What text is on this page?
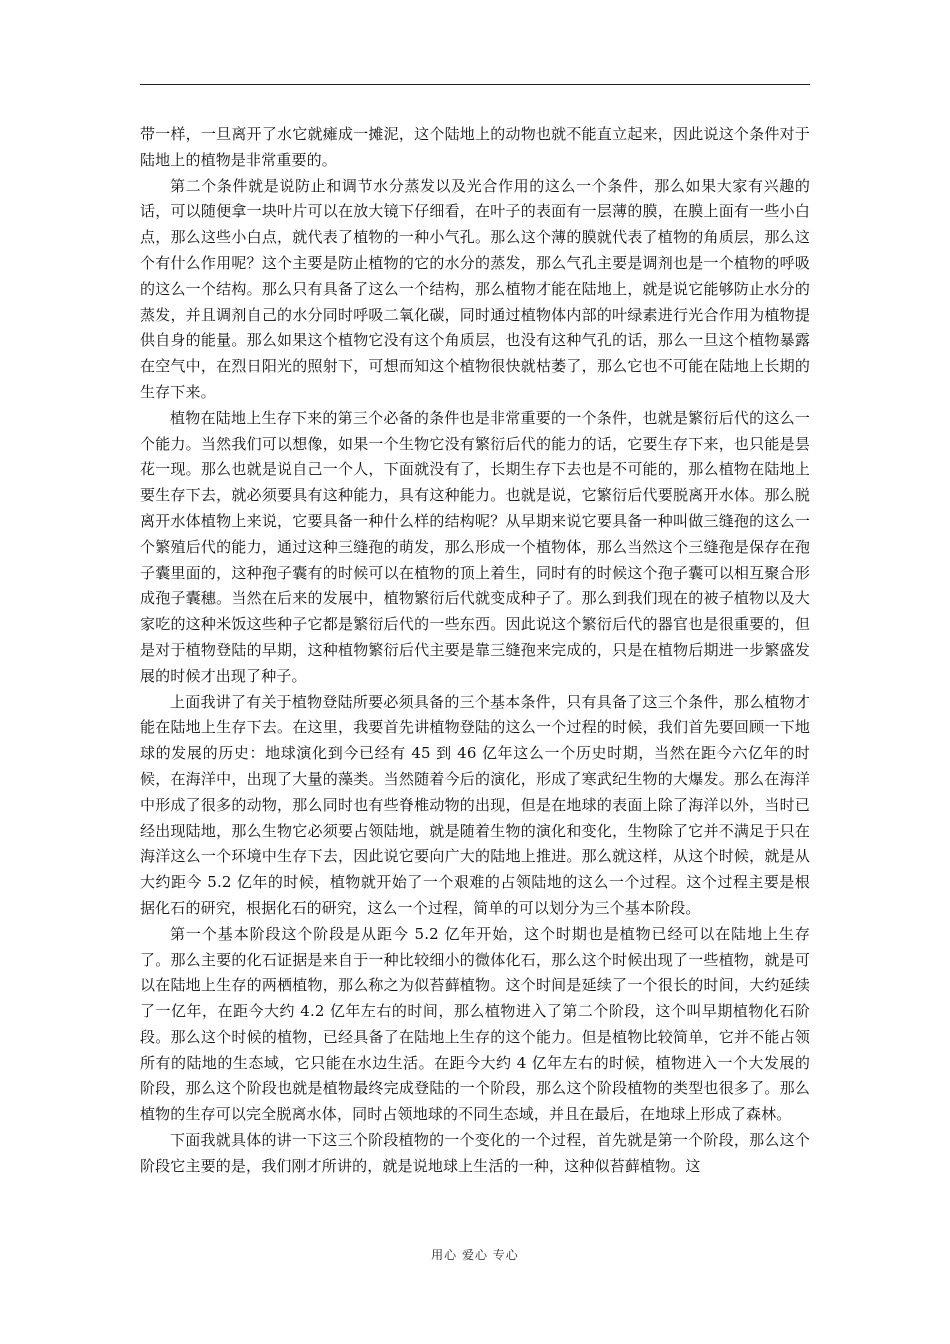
带一样，一旦离开了水它就瘫成一摊泥，这个陆地上的动物也就不能直立起来，因此说这个条件对于陆地上的植物是非常重要的。

第二个条件就是说防止和调节水分蒸发以及光合作用的这么一个条件，那么如果大家有兴趣的话，可以随便拿一块叶片可以在放大镜下仔细看，在叶子的表面有一层薄的膜，在膜上面有一些小白点，那么这些小白点，就代表了植物的一种小气孔。那么这个薄的膜就代表了植物的角质层，那么这个有什么作用呢？这个主要是防止植物的它的水分的蒸发，那么气孔主要是调剂也是一个植物的呼吸的这么一个结构。那么只有具备了这么一个结构，那么植物才能在陆地上，就是说它能够防止水分的蒸发，并且调剂自己的水分同时呼吸二氧化碳，同时通过植物体内部的叶绿素进行光合作用为植物提供自身的能量。那么如果这个植物它没有这个角质层，也没有这种气孔的话，那么一旦这个植物暴露在空气中，在烈日阳光的照射下，可想而知这个植物很快就枯萎了，那么它也不可能在陆地上长期的生存下来。

植物在陆地上生存下来的第三个必备的条件也是非常重要的一个条件，也就是繁衍后代的这么一个能力。当然我们可以想像，如果一个生物它没有繁衍后代的能力的话，它要生存下来，也只能是昙花一现。那么也就是说自己一个人，下面就没有了，长期生存下去也是不可能的，那么植物在陆地上要生存下去，就必须要具有这种能力，具有这种能力。也就是说，它繁衍后代要脱离开水体。那么脱离开水体植物上来说，它要具备一种什么样的结构呢？从早期来说它要具备一种叫做三缝孢的这么一个繁殖后代的能力，通过这种三缝孢的萌发，那么形成一个植物体，那么当然这个三缝孢是保存在孢子囊里面的，这种孢子囊有的时候可以在植物的顶上着生，同时有的时候这个孢子囊可以相互聚合形成孢子囊穗。当然在后来的发展中，植物繁衍后代就变成种子了。那么到我们现在的被子植物以及大家吃的这种米饭这些种子它都是繁衍后代的一些东西。因此说这个繁衍后代的器官也是很重要的，但是对于植物登陆的早期，这种植物繁衍后代主要是靠三缝孢来完成的，只是在植物后期进一步繁盛发展的时候才出现了种子。

上面我讲了有关于植物登陆所要必须具备的三个基本条件，只有具备了这三个条件，那么植物才能在陆地上生存下去。在这里，我要首先讲植物登陆的这么一个过程的时候，我们首先要回顾一下地球的发展的历史：地球演化到今已经有 45 到 46 亿年这么一个历史时期，当然在距今六亿年的时候，在海洋中，出现了大量的藻类。当然随着今后的演化，形成了寒武纪生物的大爆发。那么在海洋中形成了很多的动物，那么同时也有些脊椎动物的出现，但是在地球的表面上除了海洋以外，当时已经出现陆地，那么生物它必须要占领陆地，就是随着生物的演化和变化，生物除了它并不满足于只在海洋这么一个环境中生存下去，因此说它要向广大的陆地上推进。那么就这样，从这个时候，就是从大约距今 5.2 亿年的时候，植物就开始了一个艰难的占领陆地的这么一个过程。这个过程主要是根据化石的研究，根据化石的研究，这么一个过程，简单的可以划分为三个基本阶段。

第一个基本阶段这个阶段是从距今 5.2 亿年开始，这个时期也是植物已经可以在陆地上生存了。那么主要的化石证据是来自于一种比较细小的微体化石，那么这个时候出现了一些植物，就是可以在陆地上生存的两栖植物，那么称之为似苔藓植物。这个时间是延续了一个很长的时间，大约延续了一亿年，在距今大约 4.2 亿年左右的时间，那么植物进入了第二个阶段，这个叫早期植物化石阶段。那么这个时候的植物，已经具备了在陆地上生存的这个能力。但是植物比较简单，它并不能占领所有的陆地的生态域，它只能在水边生活。在距今大约 4 亿年左右的时候，植物进入一个大发展的阶段，那么这个阶段也就是植物最终完成登陆的一个阶段，那么这个阶段植物的类型也很多了。那么植物的生存可以完全脱离水体，同时占领地球的不同生态域，并且在最后，在地球上形成了森林。

下面我就具体的讲一下这三个阶段植物的一个变化的一个过程，首先就是第一个阶段，那么这个阶段它主要的是，我们刚才所讲的，就是说地球上生活的一种，这种似苔藓植物。这

用心 爱心 专心
